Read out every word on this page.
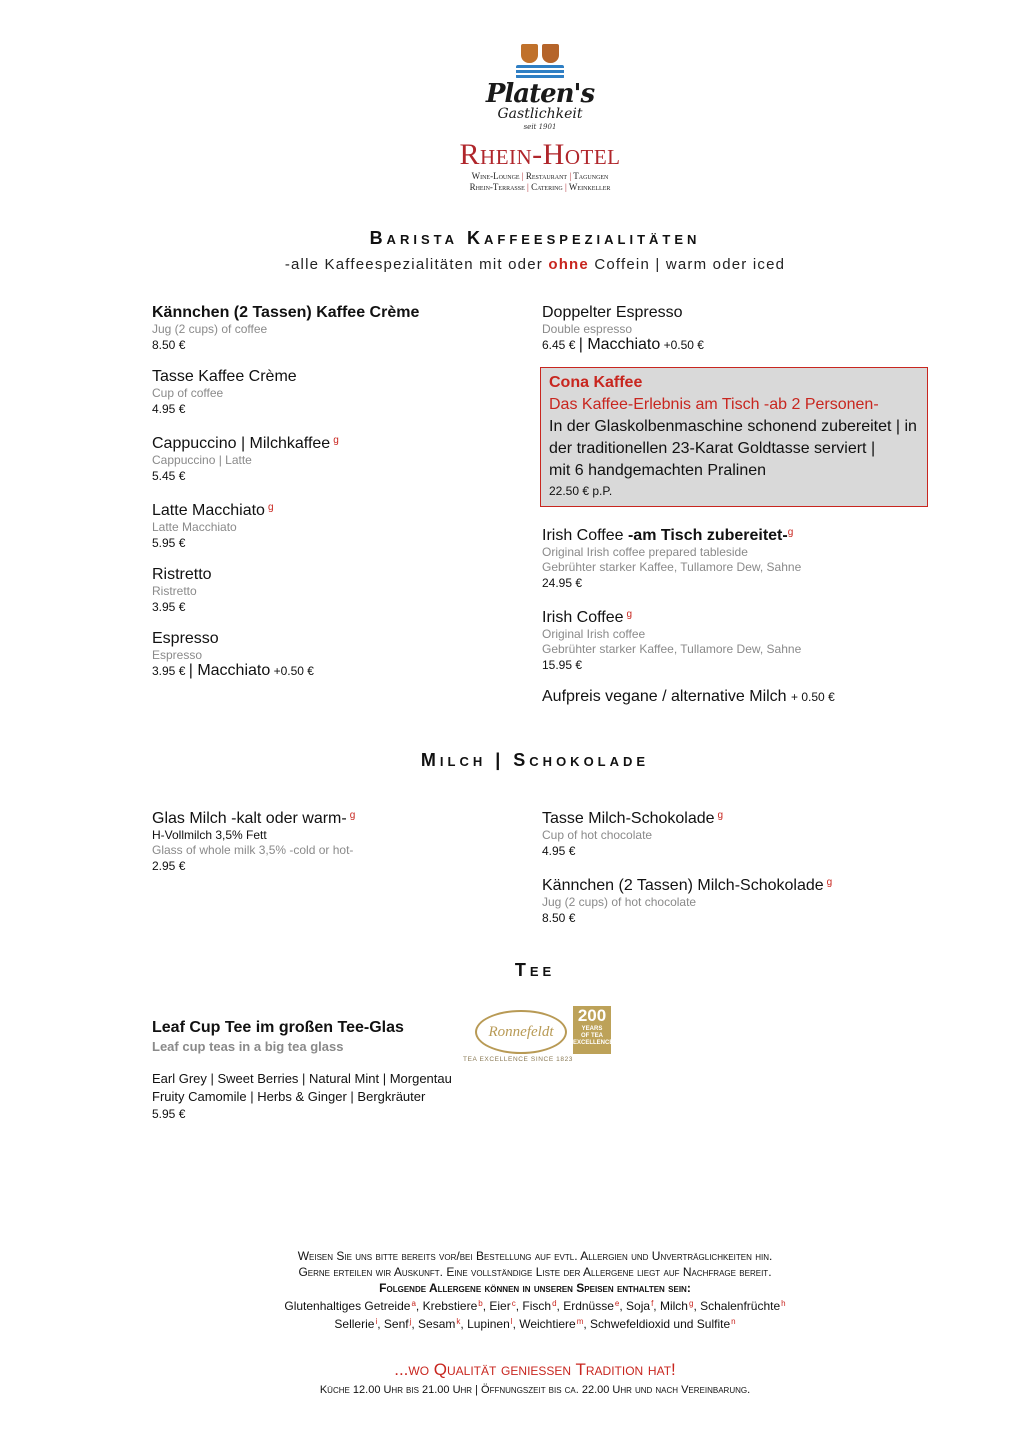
Platen's
Gastlichkeit
seit 1901
Rhein-Hotel
Wine-Lounge | Restaurant | Tagungen
Rhein-Terrasse | Catering | Weinkeller
Barista Kaffeespezialitäten
-alle Kaffeespezialitäten mit oder ohne Coffein | warm oder iced
Kännchen (2 Tassen) Kaffee Crème
Jug (2 cups) of coffee
8.50 €
Tasse Kaffee Crème
Cup of coffee
4.95 €
Cappuccino | Milchkaffee $^g$
Cappuccino | Latte
5.45 €
Latte Macchiato $^g$
Latte Macchiato
5.95 €
Ristretto
Ristretto
3.95 €
Espresso
Espresso
3.95 € | Macchiato +0.50 €
Doppelter Espresso
Double espresso
6.45 € | Macchiato +0.50 €
Cona Kaffee
Das Kaffee-Erlebnis am Tisch -ab 2 Personen-
In der Glaskolbenmaschine schonend zubereitet | in
der traditionellen 23-Karat Goldtasse serviert |
mit 6 handgemachten Pralinen
22.50 € p.P.
Irish Coffee -am Tisch zubereitet-$^g$
Original Irish coffee prepared tableside
Gebrühter starker Kaffee, Tullamore Dew, Sahne
24.95 €
Irish Coffee $^g$
Original Irish coffee
Gebrühter starker Kaffee, Tullamore Dew, Sahne
15.95 €
Aufpreis vegane / alternative Milch + 0.50 €
Milch | Schokolade
Glas Milch -kalt oder warm- $^g$
H-Vollmilch 3,5% Fett
Glass of whole milk 3,5% -cold or hot-
2.95 €
Tasse Milch-Schokolade $^g$
Cup of hot chocolate
4.95 €
Kännchen (2 Tassen) Milch-Schokolade $^g$
Jug (2 cups) of hot chocolate
8.50 €
Tee
Leaf Cup Tee im großen Tee-Glas
Leaf cup teas in a big tea glass
Earl Grey | Sweet Berries | Natural Mint | Morgentau
Fruity Camomile | Herbs & Ginger | Bergkräuter
5.95 €
Ronnefeldt
TEA EXCELLENCE SINCE 1823
200
YEARS
OF TEA
EXCELLENCE
Weisen Sie uns bitte bereits vor/bei Bestellung auf evtl. Allergien und Unverträglichkeiten hin.
Gerne erteilen wir Auskunft. Eine vollständige Liste der Allergene liegt auf Nachfrage bereit.
Folgende Allergene können in unseren Speisen enthalten sein:
Glutenhaltiges Getreide$^a$, Krebstiere$^b$, Eier$^c$, Fisch$^d$, Erdnüsse$^e$, Soja$^f$, Milch$^g$, Schalenfrüchte$^h$
Sellerie$^i$, Senf$^j$, Sesam$^k$, Lupinen$^l$, Weichtiere$^m$, Schwefeldioxid und Sulfite$^n$
...wo Qualität genießen Tradition hat!
Küche 12.00 Uhr bis 21.00 Uhr | Öffnungszeit bis ca. 22.00 Uhr und nach Vereinbarung.
